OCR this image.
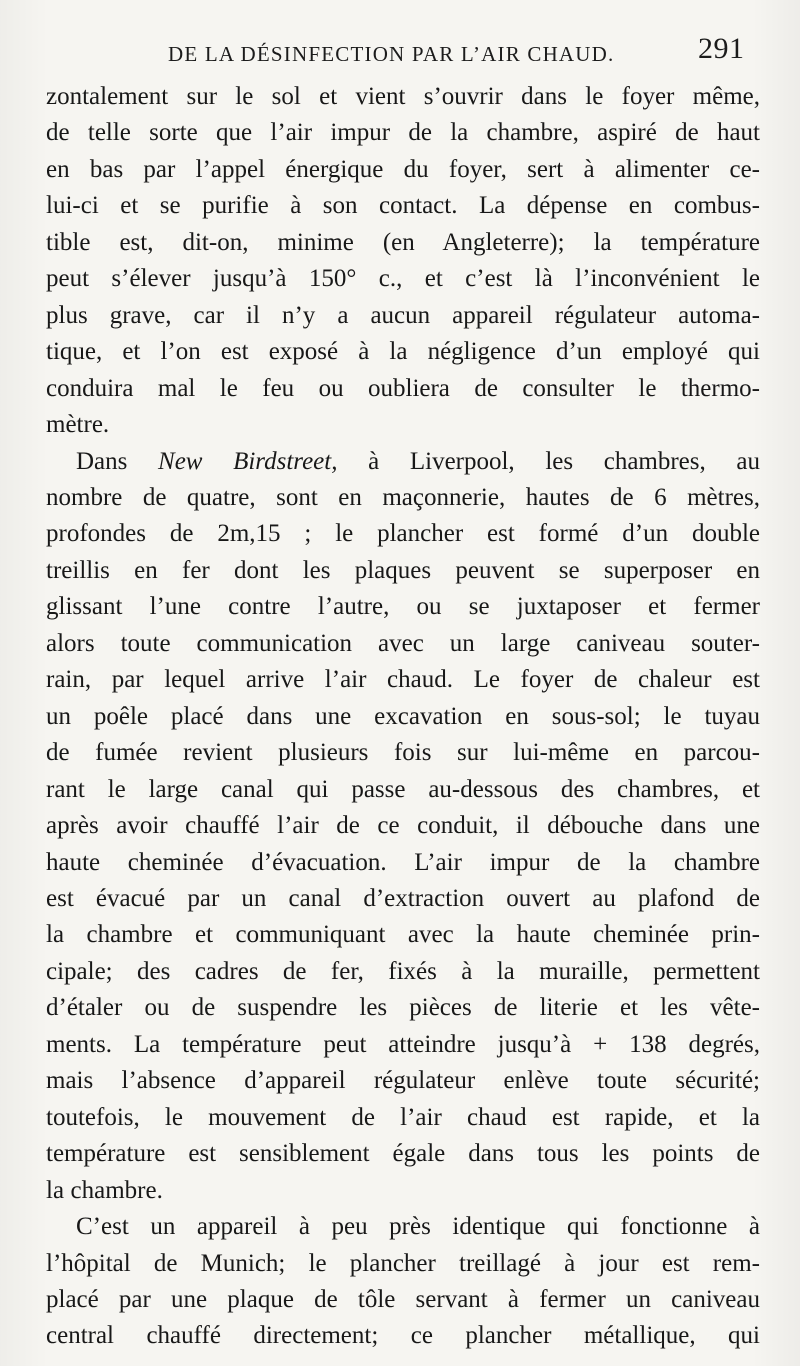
DE LA DÉSINFECTION PAR L’AIR CHAUD.	291

zontalement sur le sol et vient s’ouvrir dans le foyer même,
de telle sorte que l’air impur de la chambre, aspiré de haut
en bas par l’appel énergique du foyer, sert à alimenter ce-
lui-ci et se purifie à son contact. La dépense en combus-
tible est, dit-on, minime (en Angleterre); la température
peut s’élever jusqu’à 150° c., et c’est là l’inconvénient le
plus grave, car il n’y a aucun appareil régulateur automa-
tique, et l’on est exposé à la négligence d’un employé qui
conduira mal le feu ou oubliera de consulter le thermo-
mètre.

Dans New Birdstreet, à Liverpool, les chambres, au
nombre de quatre, sont en maçonnerie, hautes de 6 mètres,
profondes de 2m,15 ; le plancher est formé d’un double
treillis en fer dont les plaques peuvent se superposer en
glissant l’une contre l’autre, ou se juxtaposer et fermer
alors toute communication avec un large caniveau souter-
rain, par lequel arrive l’air chaud. Le foyer de chaleur est
un poêle placé dans une excavation en sous-sol; le tuyau
de fumée revient plusieurs fois sur lui-même en parcou-
rant le large canal qui passe au-dessous des chambres, et
après avoir chauffé l’air de ce conduit, il débouche dans une
haute cheminée d’évacuation. L’air impur de la chambre
est évacué par un canal d’extraction ouvert au plafond de
la chambre et communiquant avec la haute cheminée prin-
cipale; des cadres de fer, fixés à la muraille, permettent
d’étaler ou de suspendre les pièces de literie et les vête-
ments. La température peut atteindre jusqu’à + 138 degrés,
mais l’absence d’appareil régulateur enlève toute sécurité;
toutefois, le mouvement de l’air chaud est rapide, et la
température est sensiblement égale dans tous les points de
la chambre.

C’est un appareil à peu près identique qui fonctionne à
l’hôpital de Munich; le plancher treillagé à jour est rem-
placé par une plaque de tôle servant à fermer un caniveau
central chauffé directement; ce plancher métallique, qui
